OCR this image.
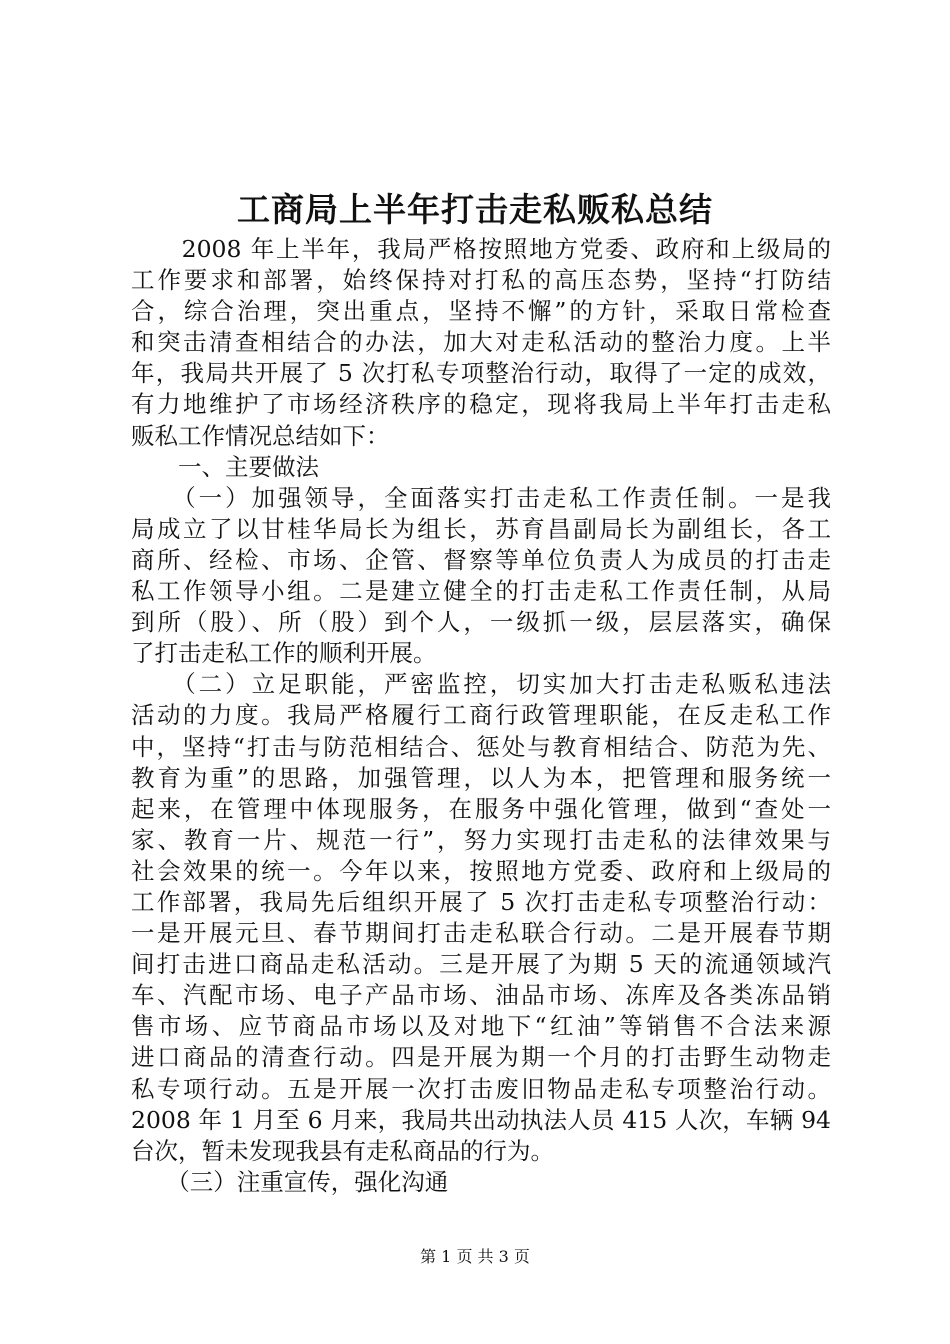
工商局上半年打击走私贩私总结
　　2008 年上半年，我局严格按照地方党委、政府和上级局的
工作要求和部署，始终保持对打私的高压态势，坚持“打防结
合，综合治理，突出重点，坚持不懈”的方针，采取日常检查
和突击清查相结合的办法，加大对走私活动的整治力度。上半
年，我局共开展了 5 次打私专项整治行动，取得了一定的成效，
有力地维护了市场经济秩序的稳定，现将我局上半年打击走私
贩私工作情况总结如下：
　　一、主要做法
　　（一）加强领导，全面落实打击走私工作责任制。一是我
局成立了以甘桂华局长为组长，苏育昌副局长为副组长，各工
商所、经检、市场、企管、督察等单位负责人为成员的打击走
私工作领导小组。二是建立健全的打击走私工作责任制，从局
到所（股）、所（股）到个人，一级抓一级，层层落实，确保
了打击走私工作的顺利开展。
　　（二）立足职能，严密监控，切实加大打击走私贩私违法
活动的力度。我局严格履行工商行政管理职能，在反走私工作
中，坚持“打击与防范相结合、惩处与教育相结合、防范为先、
教育为重”的思路，加强管理，以人为本，把管理和服务统一
起来，在管理中体现服务，在服务中强化管理，做到“查处一
家、教育一片、规范一行”，努力实现打击走私的法律效果与
社会效果的统一。今年以来，按照地方党委、政府和上级局的
工作部署，我局先后组织开展了 5 次打击走私专项整治行动：
一是开展元旦、春节期间打击走私联合行动。二是开展春节期
间打击进口商品走私活动。三是开展了为期 5 天的流通领域汽
车、汽配市场、电子产品市场、油品市场、冻库及各类冻品销
售市场、应节商品市场以及对地下“红油”等销售不合法来源
进口商品的清查行动。四是开展为期一个月的打击野生动物走
私专项行动。五是开展一次打击废旧物品走私专项整治行动。
2008 年 1 月至 6 月来，我局共出动执法人员 415 人次，车辆 94
台次，暂未发现我县有走私商品的行为。
　　（三）注重宣传，强化沟通
第 1 页 共 3 页
